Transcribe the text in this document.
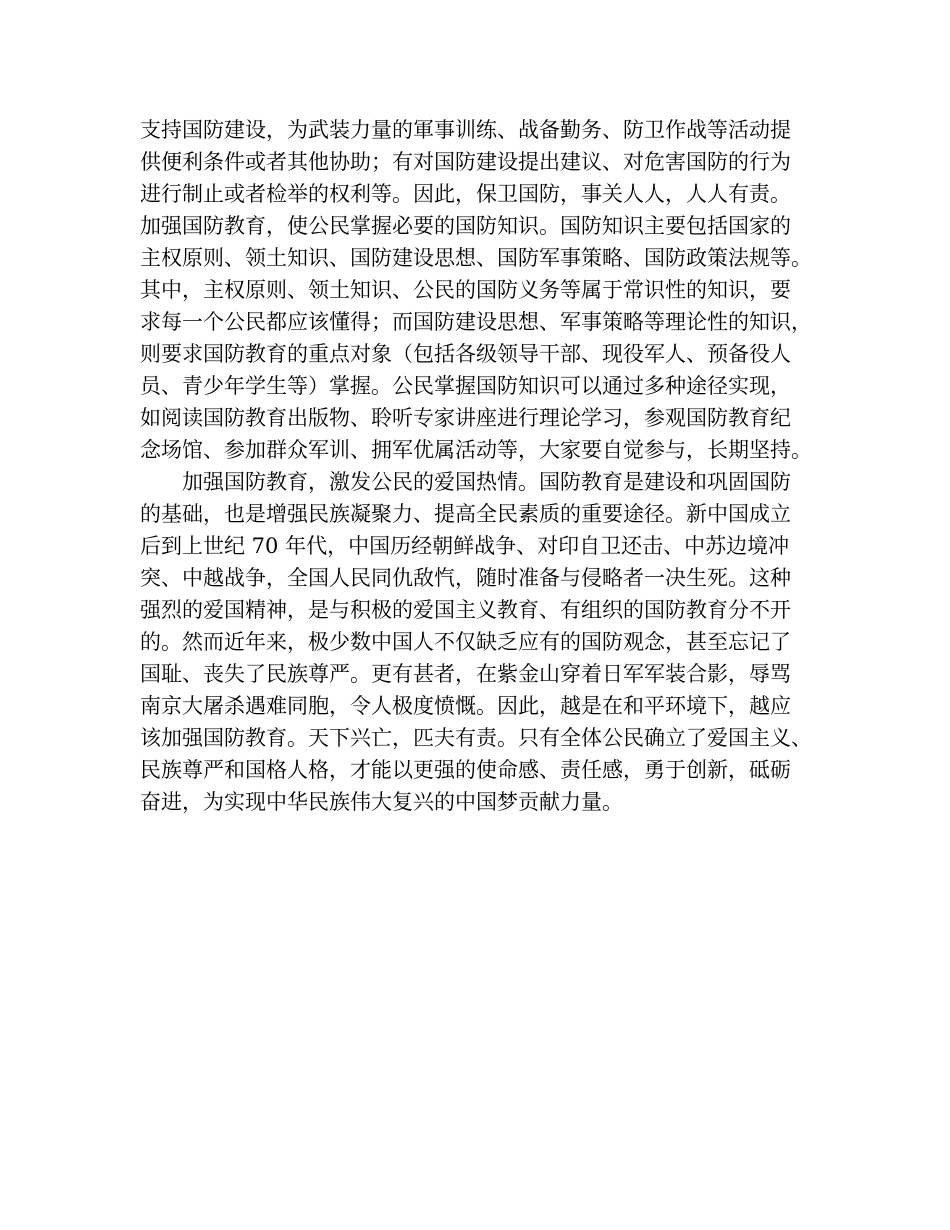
支持国防建设，为武装力量的軍事训练、战备勤务、防卫作战等活动提
供便利条件或者其他协助；有对国防建设提出建议、对危害国防的行为
进行制止或者检举的权利等。因此，保卫国防，事关人人，人人有责。
加强国防教育，使公民掌握必要的国防知识。国防知识主要包括国家的
主权原则、领土知识、国防建设思想、国防军事策略、国防政策法规等。
其中，主权原则、领土知识、公民的国防义务等属于常识性的知识，要
求每一个公民都应该懂得；而国防建设思想、军事策略等理论性的知识，
则要求国防教育的重点对象（包括各级领导干部、现役军人、预备役人
员、青少年学生等）掌握。公民掌握国防知识可以通过多种途径实现，
如阅读国防教育出版物、聆听专家讲座进行理论学习，参观国防教育纪
念场馆、参加群众军训、拥军优属活动等，大家要自觉参与，长期坚持。
加强国防教育，激发公民的爱国热情。国防教育是建设和巩固国防
的基础，也是增强民族凝聚力、提高全民素质的重要途径。新中国成立
后到上世纪 70 年代，中国历经朝鲜战争、对印自卫还击、中苏边境冲
突、中越战争，全国人民同仇敌忾，随时准备与侵略者一决生死。这种
强烈的爱国精神，是与积极的爱国主义教育、有组织的国防教育分不开
的。然而近年来，极少数中国人不仅缺乏应有的国防观念，甚至忘记了
国耻、丧失了民族尊严。更有甚者，在紫金山穿着日军军装合影，辱骂
南京大屠杀遇难同胞，令人极度愤慨。因此，越是在和平环境下，越应
该加强国防教育。天下兴亡，匹夫有责。只有全体公民确立了爱国主义、
民族尊严和国格人格，才能以更强的使命感、责任感，勇于创新，砥砺
奋进，为实现中华民族伟大复兴的中国梦贡献力量。
